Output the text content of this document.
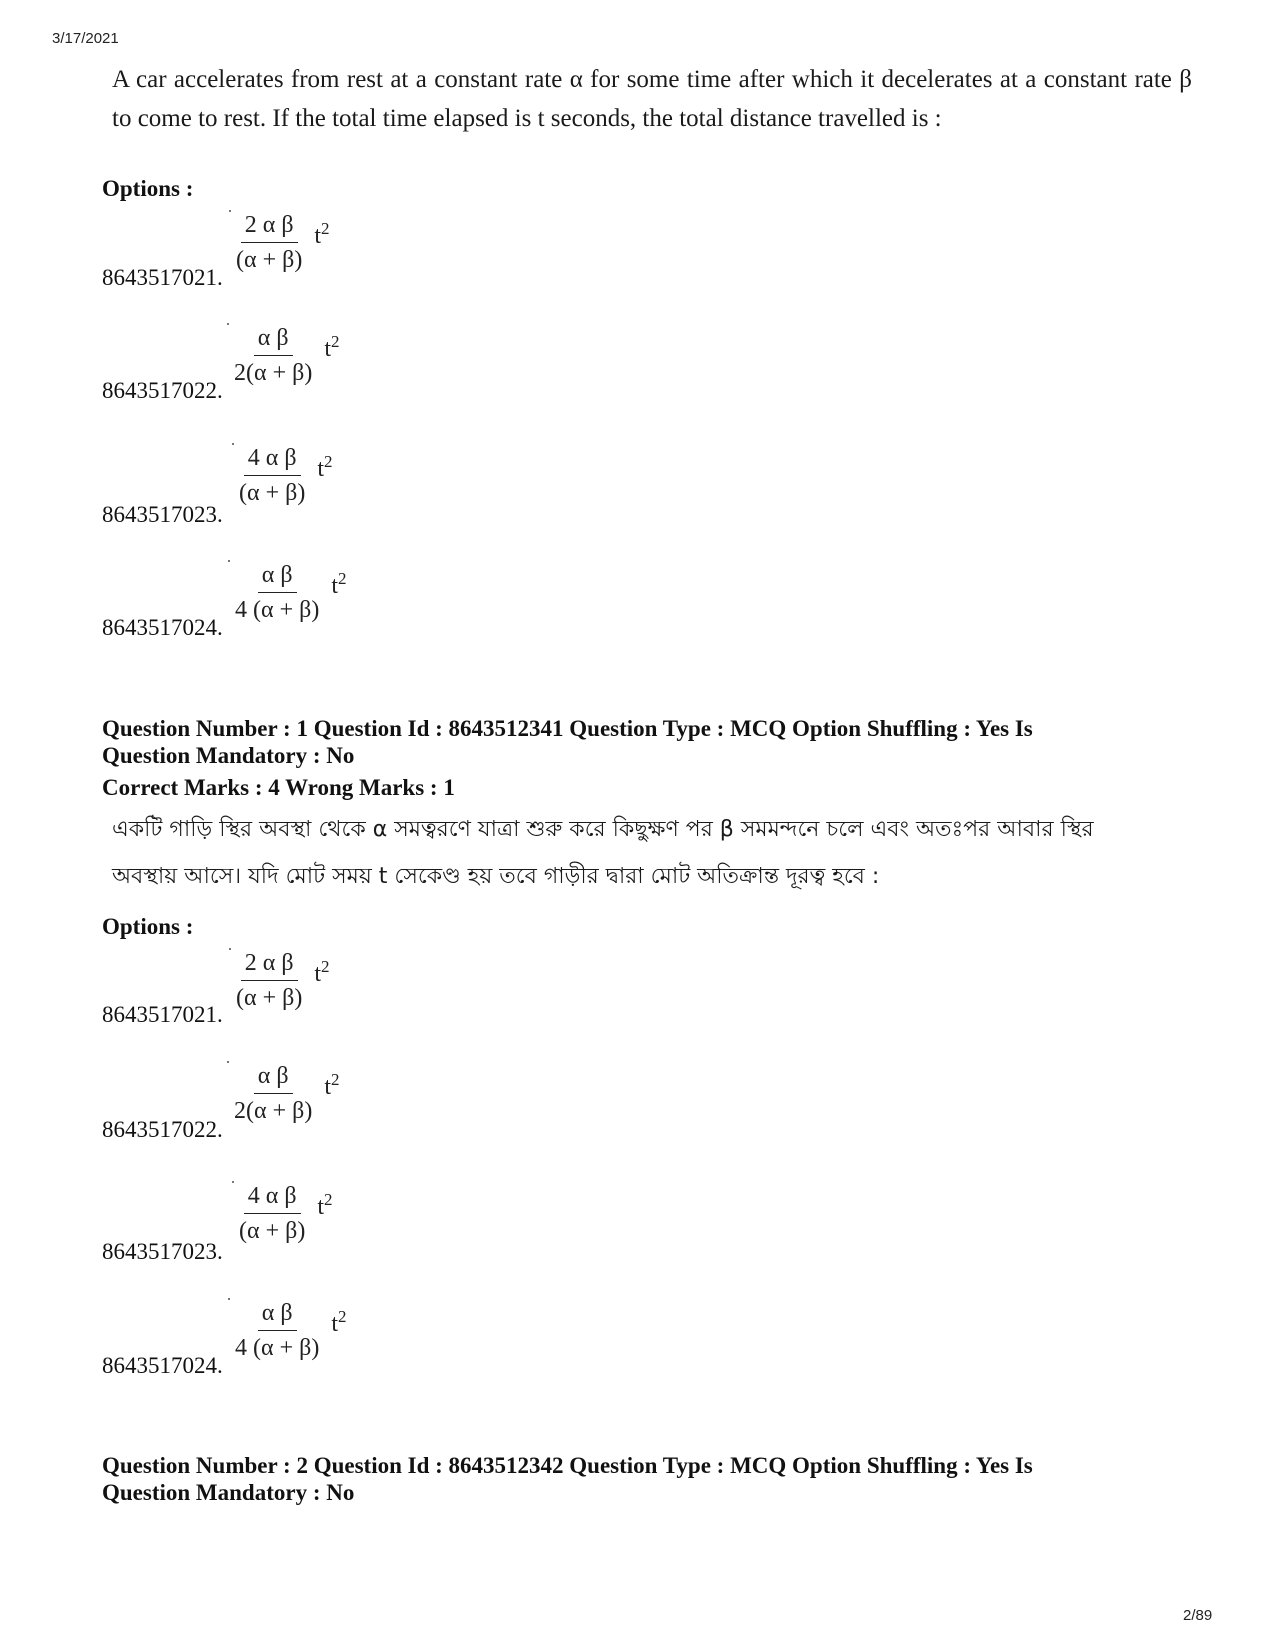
3/17/2021
A car accelerates from rest at a constant rate α for some time after which it decelerates at a constant rate β to come to rest. If the total time elapsed is t seconds, the total distance travelled is :
Options :
$\frac{\text{2 α β}}{(\alpha + \beta)} t^2$
8643517021.
$\frac{\text{α β}}{2(\alpha + \beta)} t^2$
8643517022.
$\frac{\text{4 α β}}{(\alpha + \beta)} t^2$
8643517023.
$\frac{\text{α β}}{4 (\alpha + \beta)} t^2$
8643517024.
Question Number : 1 Question Id : 8643512341 Question Type : MCQ Option Shuffling : Yes Is
Question Mandatory : No
Correct Marks : 4 Wrong Marks : 1
একটি গাড়ি স্থির অবস্থা থেকে α সমত্বরণে যাত্রা শুরু করে কিছুক্ষণ পর β সমমন্দনে চলে এবং অতঃপর আবার স্থির
অবস্থায় আসে। যদি মোট সময় t সেকেণ্ড হয় তবে গাড়ীর দ্বারা মোট অতিক্রান্ত দূরত্ব হবে :
Options :
$\frac{\text{2 α β}}{(\alpha + \beta)} t^2$
8643517021.
$\frac{\text{α β}}{2(\alpha + \beta)} t^2$
8643517022.
$\frac{\text{4 α β}}{(\alpha + \beta)} t^2$
8643517023.
$\frac{\text{α β}}{4 (\alpha + \beta)} t^2$
8643517024.
Question Number : 2 Question Id : 8643512342 Question Type : MCQ Option Shuffling : Yes Is
Question Mandatory : No
2/89
